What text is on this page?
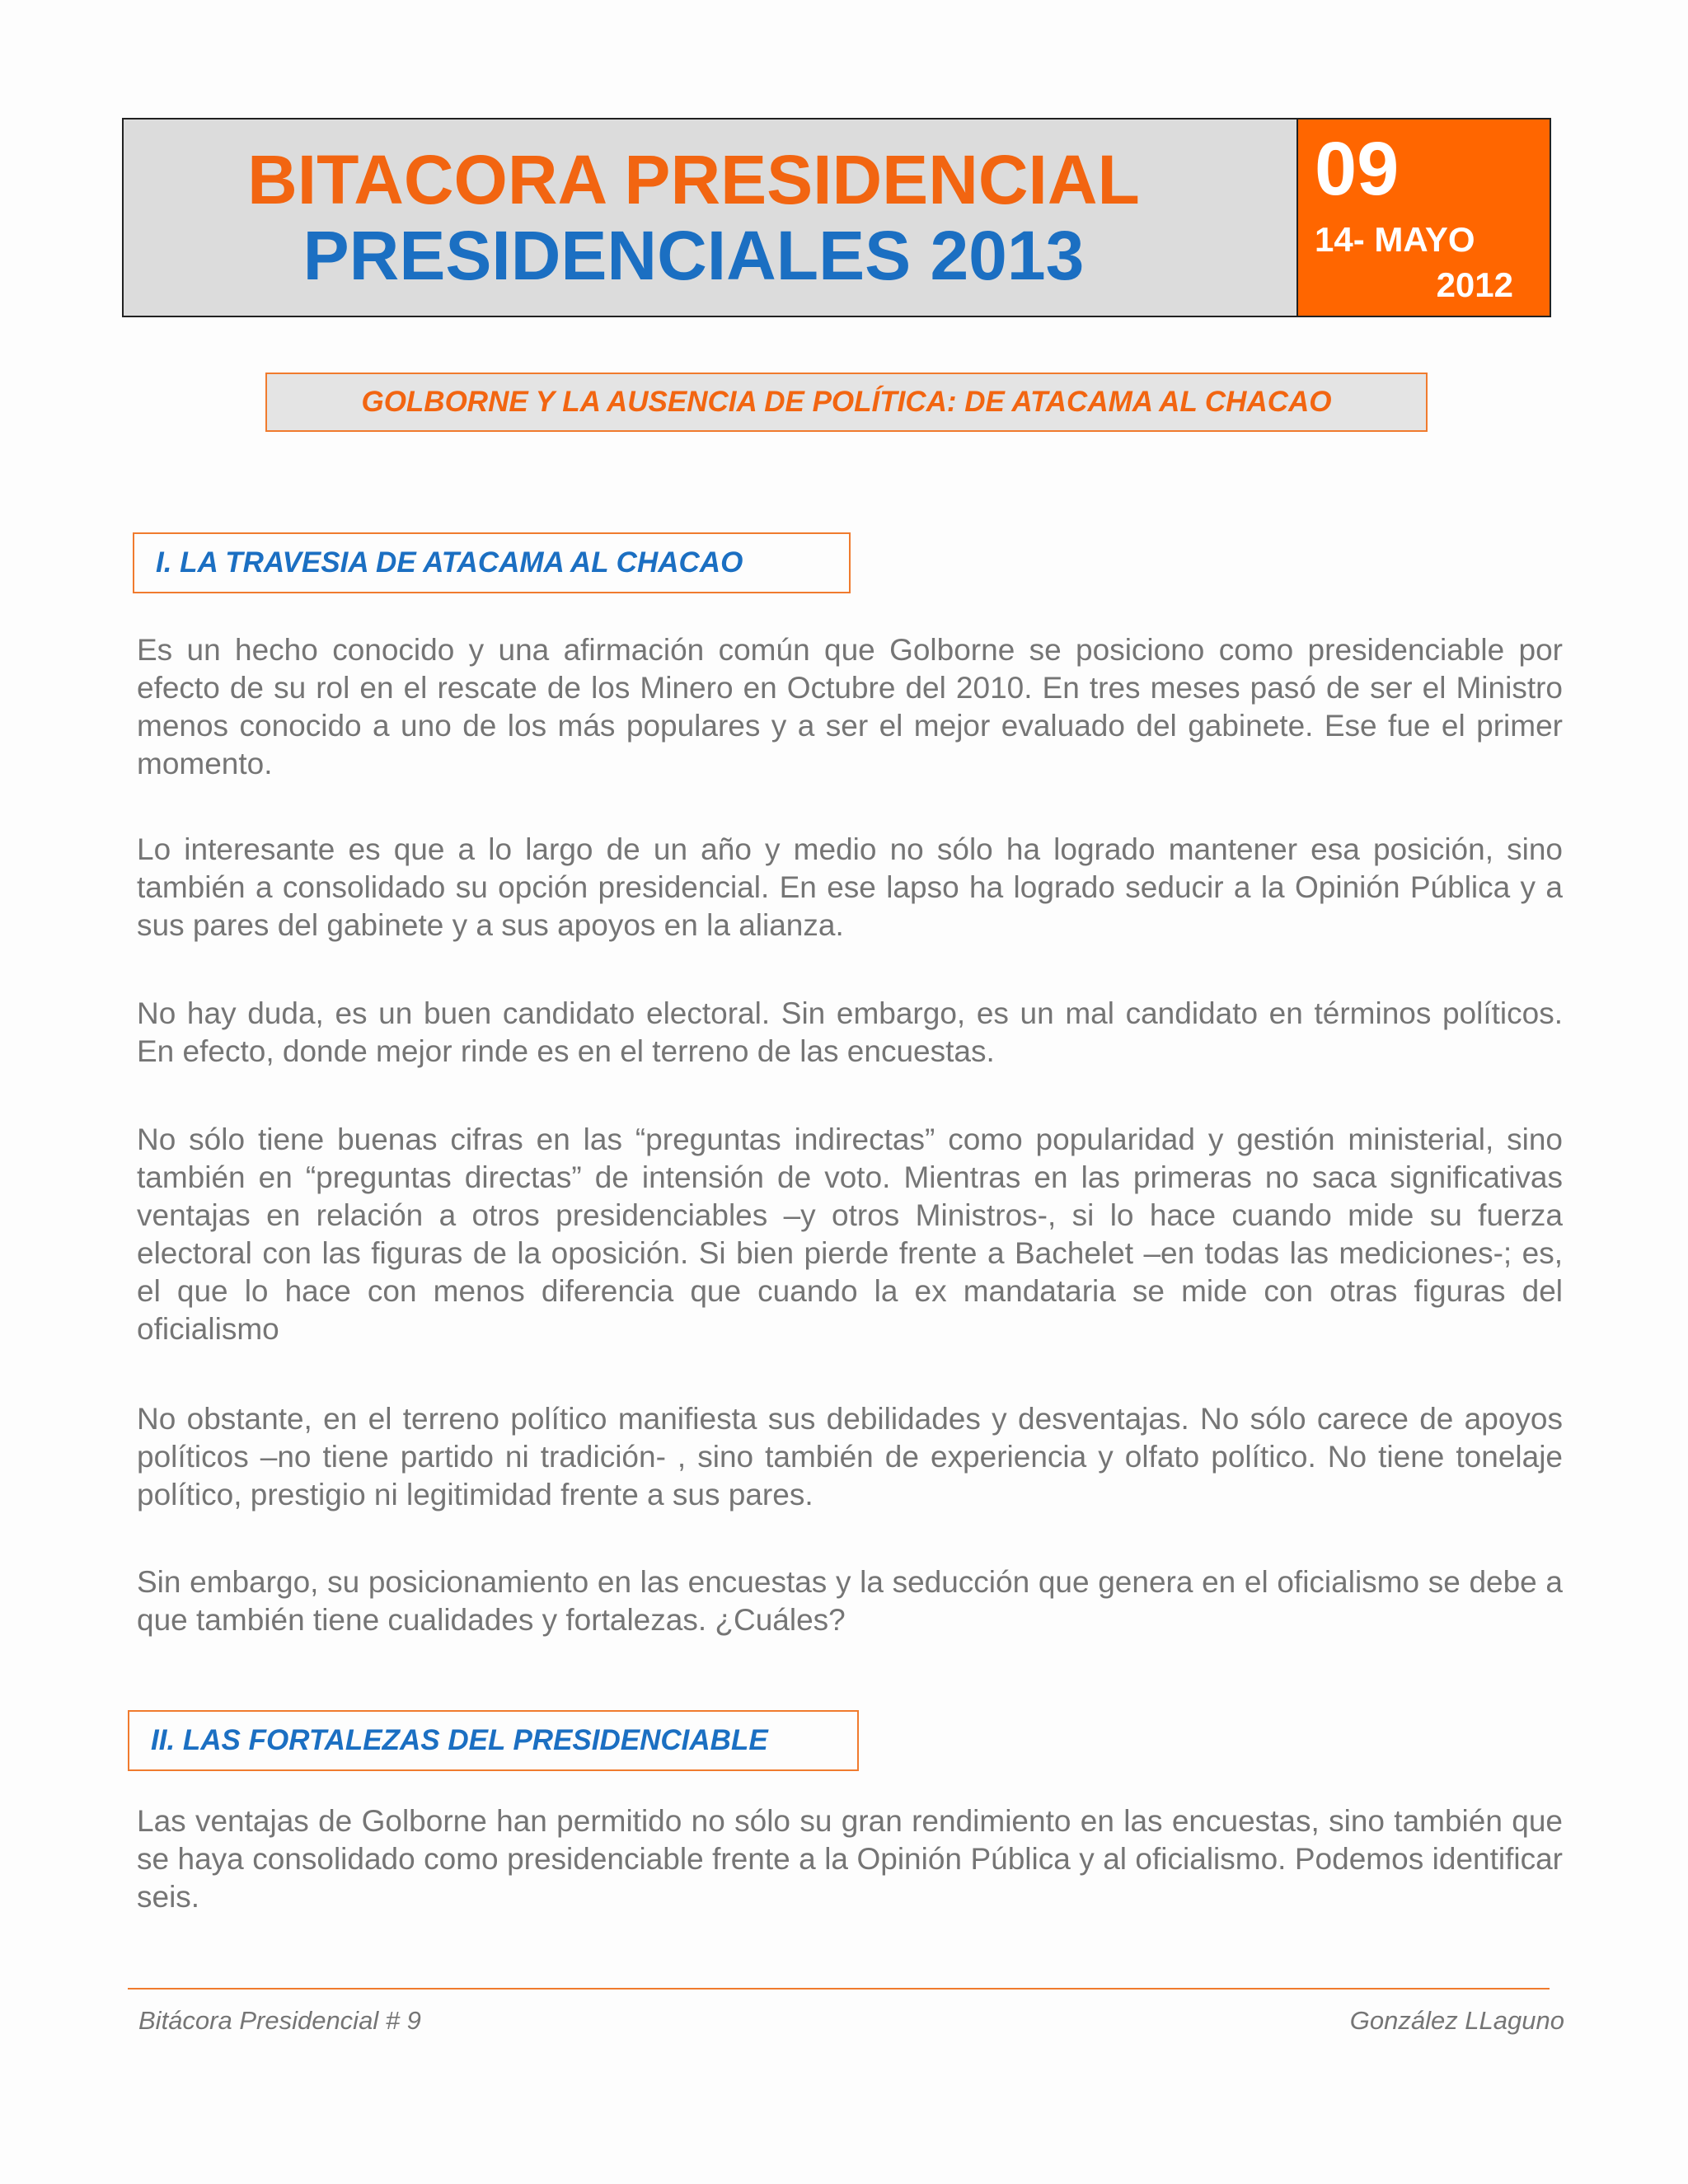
BITACORA PRESIDENCIAL
PRESIDENCIALES 2013
09
14- MAYO
2012
GOLBORNE Y LA AUSENCIA DE POLÍTICA: DE ATACAMA AL CHACAO
I. LA TRAVESIA DE ATACAMA AL CHACAO

Es un hecho conocido y una afirmación común que Golborne se posiciono como presidenciable por efecto de su rol en el rescate de los Minero en Octubre del 2010. En tres meses pasó de ser el Ministro menos conocido a uno de los más populares y a ser el mejor evaluado del gabinete. Ese fue el primer momento.

Lo interesante es que a lo largo de un año y medio no sólo ha logrado mantener esa posición, sino también a consolidado su opción presidencial. En ese lapso ha logrado seducir a la Opinión Pública y a sus pares del gabinete y a sus apoyos en la alianza.

No hay duda, es un buen candidato electoral. Sin embargo, es un mal candidato en términos políticos. En efecto, donde mejor rinde es en el terreno de las encuestas.

No sólo tiene buenas cifras en las “preguntas indirectas” como popularidad y gestión ministerial, sino también en “preguntas directas” de intensión de voto. Mientras en las primeras no saca significativas ventajas en relación a otros presidenciables –y otros Ministros-, si lo hace cuando mide su fuerza electoral con las figuras de la oposición. Si bien pierde frente a Bachelet –en todas las mediciones-; es, el que lo hace con menos diferencia que cuando la ex mandataria se mide con otras figuras del oficialismo

No obstante, en el terreno político manifiesta sus debilidades y desventajas. No sólo carece de apoyos políticos –no tiene partido ni tradición- , sino también de experiencia y olfato político. No tiene tonelaje político, prestigio ni legitimidad frente a sus pares.

Sin embargo, su posicionamiento en las encuestas y la seducción que genera en el oficialismo se debe a que también tiene cualidades y fortalezas. ¿Cuáles?

II. LAS FORTALEZAS DEL PRESIDENCIABLE

Las ventajas de Golborne han permitido no sólo su gran rendimiento en las encuestas, sino también que se haya consolidado como presidenciable frente a la Opinión Pública y al oficialismo. Podemos identificar seis.

Bitácora Presidencial # 9	González LLaguno
